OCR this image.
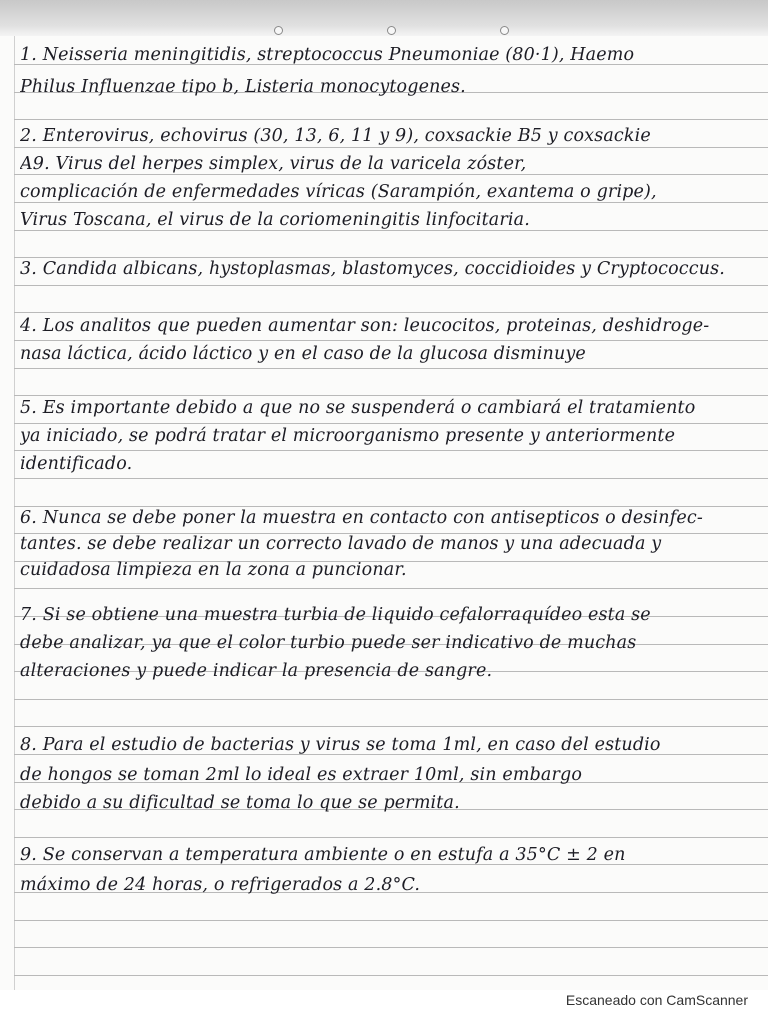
1. Neisseria meningitidis, streptococcus Pneumoniae (80·1), Haemo
Philus Influenzae tipo b, Listeria monocytogenes.
2. Enterovirus, echovirus (30, 13, 6, 11 y 9), coxsackie B5 y coxsackie
A9. Virus del herpes simplex, virus de la varicela zóster,
complicación de enfermedades víricas (Sarampión, exantema o gripe),
Virus Toscana, el virus de la coriomeningitis linfocitaria.
3. Candida albicans, hystoplasmas, blastomyces, coccidioides y Cryptococcus.
4. Los analitos que pueden aumentar son: leucocitos, proteinas, deshidroge-
nasa láctica, ácido láctico y en el caso de la glucosa disminuye
5. Es importante debido a que no se suspenderá o cambiará el tratamiento
ya iniciado, se podrá tratar el microorganismo presente y anteriormente
identificado.
6. Nunca se debe poner la muestra en contacto con antisepticos o desinfec-
tantes. se debe realizar un correcto lavado de manos y una adecuada y
cuidadosa limpieza en la zona a puncionar.
7. Si se obtiene una muestra turbia de liquido cefalorraquídeo esta se
debe analizar, ya que el color turbio puede ser indicativo de muchas
alteraciones y puede indicar la presencia de sangre.
8. Para el estudio de bacterias y virus se toma 1ml, en caso del estudio
de hongos se toman 2ml lo ideal es extraer 10ml, sin embargo
debido a su dificultad se toma lo que se permita.
9. Se conservan a temperatura ambiente o en estufa a 35°C ± 2 en
máximo de 24 horas, o refrigerados a 2.8°C.
Escaneado con CamScanner
